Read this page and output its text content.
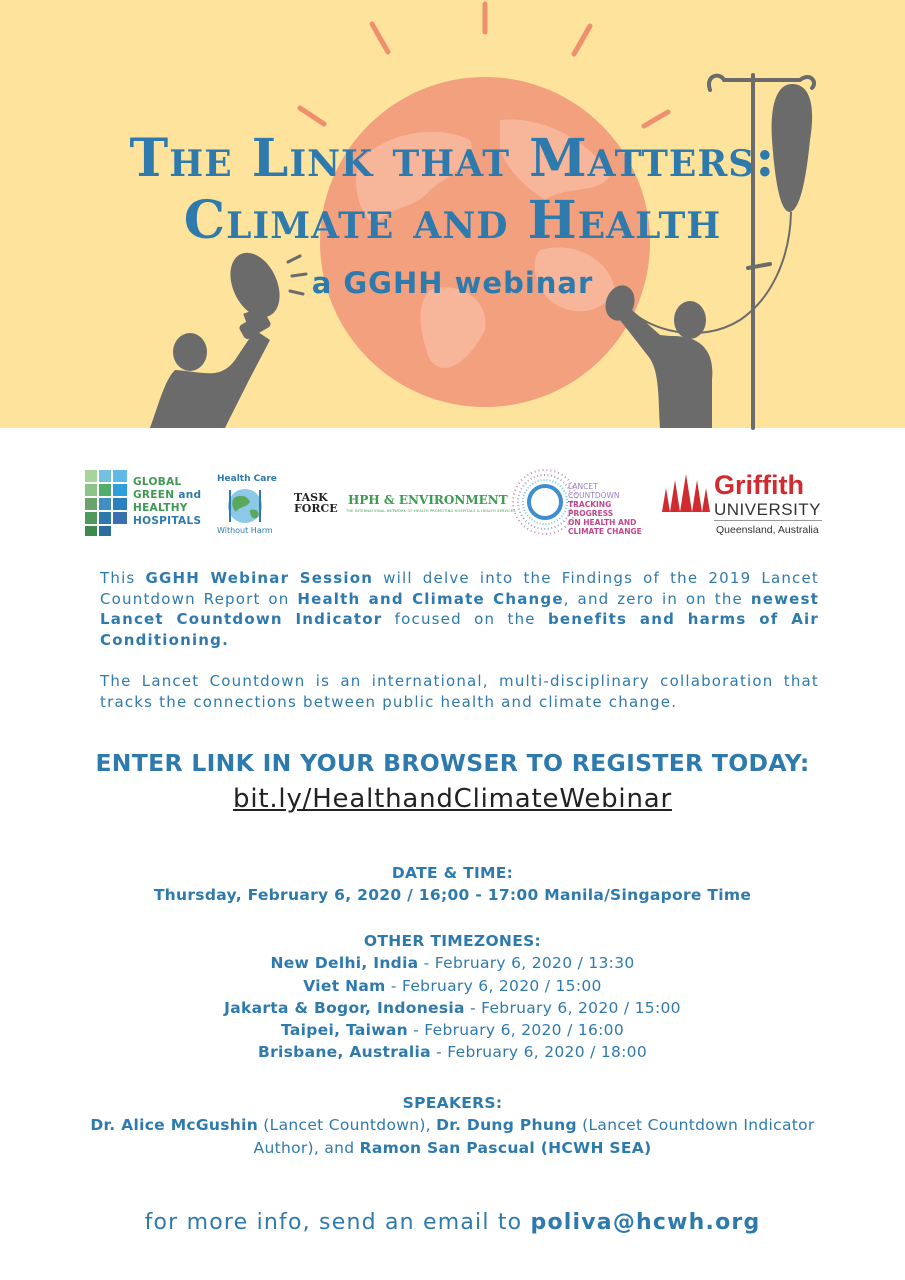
The Link that Matters:
Climate and Health
a GGHH webinar
GLOBAL
GREEN and
HEALTHY
HOSPITALS
Health Care
Without Harm
TASK
FORCE
HPH & ENVIRONMENT
THE INTERNATIONAL NETWORK OF HEALTH PROMOTING HOSPITALS & HEALTH SERVICES
LANCET COUNTDOWN
TRACKING PROGRESS
ON HEALTH AND
CLIMATE CHANGE
Griffith
UNIVERSITY
Queensland, Australia
This GGHH Webinar Session will delve into the Findings of the 2019 Lancet Countdown Report on Health and Climate Change, and zero in on the newest Lancet Countdown Indicator focused on the benefits and harms of Air Conditioning.
The Lancet Countdown is an international, multi-disciplinary collaboration that tracks the connections between public health and climate change.
ENTER LINK IN YOUR BROWSER TO REGISTER TODAY:
bit.ly/HealthandClimateWebinar
DATE & TIME:
Thursday, February 6, 2020 / 16;00 - 17:00 Manila/Singapore Time
OTHER TIMEZONES:
New Delhi, India - February 6, 2020 / 13:30
Viet Nam - February 6, 2020 / 15:00
Jakarta & Bogor, Indonesia - February 6, 2020 / 15:00
Taipei, Taiwan - February 6, 2020 / 16:00
Brisbane, Australia - February 6, 2020 / 18:00
SPEAKERS:
Dr. Alice McGushin (Lancet Countdown), Dr. Dung Phung (Lancet Countdown Indicator
Author), and Ramon San Pascual (HCWH SEA)
for more info, send an email to poliva@hcwh.org
